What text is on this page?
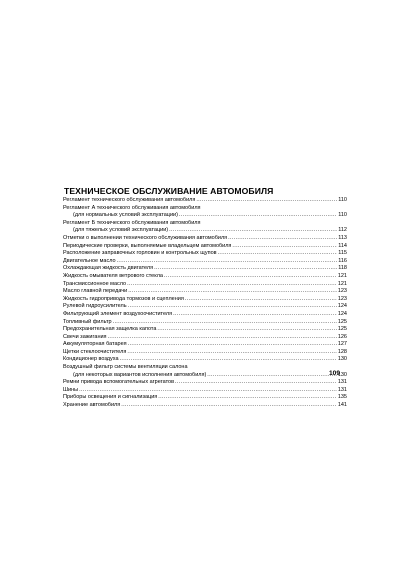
ТЕХНИЧЕСКОЕ ОБСЛУЖИВАНИЕ АВТОМОБИЛЯ
Регламент технического обслуживания автомобиля . . .	110
Регламент А технического обслуживания автомобиля
(для нормальных условий эксплуатации) . . .	110
Регламент Б технического обслуживания автомобиля
(для тяжелых условий эксплуатации) . . .	112
Отметки о выполнении технического обслуживания автомобиля . . .	113
Периодические проверки, выполняемые владельцем автомобиля . . .	114
Расположение заправочных горловин и контрольных щупов . . .	115
Двигательное масло . . .	116
Охлаждающая жидкость двигателя . . .	118
Жидкость омывателя ветрового стекла . . .	121
Трансмиссионное масло . . .	121
Масло главной передачи . . .	123
Жидкость гидропривода тормозов и сцепления . . .	123
Рулевой гидроусилитель . . .	124
Фильтрующий элемент воздухоочистителя . . .	124
Топливный фильтр . . .	125
Предохранительная защелка капота . . .	125
Свечи зажигания . . .	126
Аккумуляторная батарея . . .	127
Щетки стеклоочистителя . . .	128
Кондиционер воздуха . . .	130
Воздушный фильтр системы вентиляции салона
(для некоторых вариантов исполнения автомобиля) . . .	130
Ремни привода вспомогательных агрегатов . . .	131
Шины . . .	131
Приборы освещения и сигнализация . . .	135
Хранение автомобиля . . .	141
109
